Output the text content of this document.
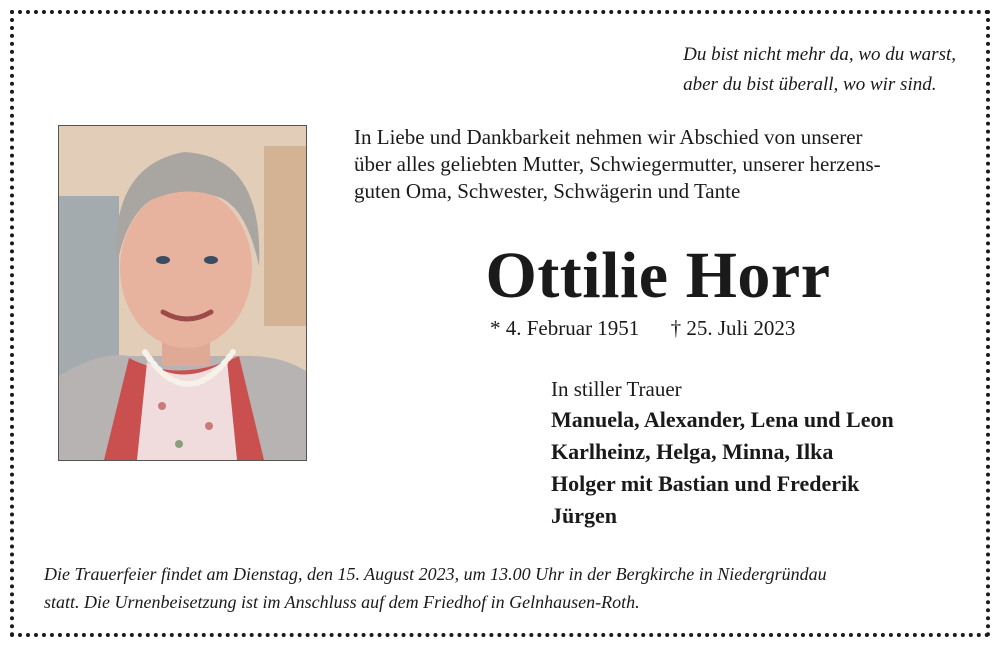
Du bist nicht mehr da, wo du warst,
aber du bist überall, wo wir sind.
In Liebe und Dankbarkeit nehmen wir Abschied von unserer
über alles geliebten Mutter, Schwiegermutter, unserer herzens-
guten Oma, Schwester, Schwägerin und Tante
Ottilie Horr
* 4. Februar 1951 † 25. Juli 2023
In stiller Trauer
Manuela, Alexander, Lena und Leon
Karlheinz, Helga, Minna, Ilka
Holger mit Bastian und Frederik
Jürgen
Die Trauerfeier findet am Dienstag, den 15. August 2023, um 13.00 Uhr in der Bergkirche in Niedergründau
statt. Die Urnenbeisetzung ist im Anschluss auf dem Friedhof in Gelnhausen-Roth.
